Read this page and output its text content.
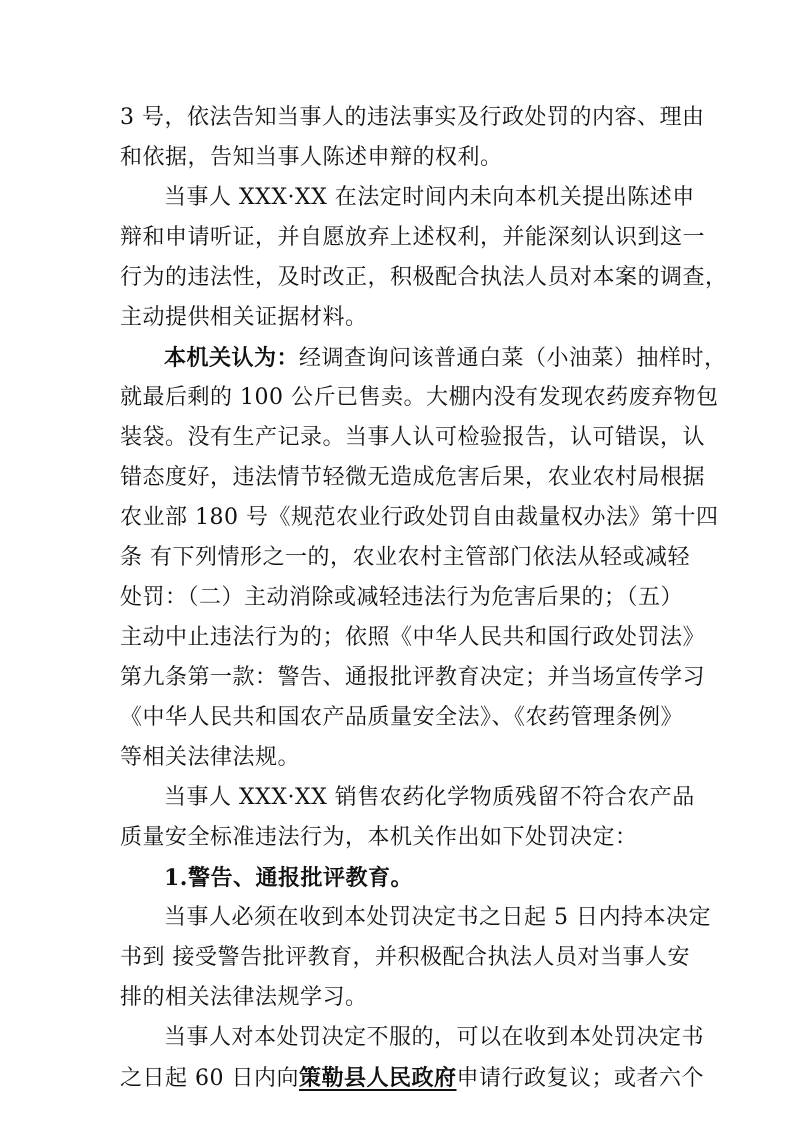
3 号，依法告知当事人的违法事实及行政处罚的内容、理由
和依据，告知当事人陈述申辩的权利。
当事人 XXX·XX 在法定时间内未向本机关提出陈述申
辩和申请听证，并自愿放弃上述权利，并能深刻认识到这一
行为的违法性，及时改正，积极配合执法人员对本案的调查，
主动提供相关证据材料。
本机关认为：经调查询问该普通白菜（小油菜）抽样时，
就最后剩的 100 公斤已售卖。大棚内没有发现农药废弃物包
装袋。没有生产记录。当事人认可检验报告，认可错误，认
错态度好，违法情节轻微无造成危害后果，农业农村局根据
农业部 180 号《规范农业行政处罚自由裁量权办法》第十四
条 有下列情形之一的，农业农村主管部门依法从轻或减轻
处罚：（二）主动消除或减轻违法行为危害后果的；（五）
主动中止违法行为的；依照《中华人民共和国行政处罚法》
第九条第一款：警告、通报批评教育决定；并当场宣传学习
《中华人民共和国农产品质量安全法》、《农药管理条例》
等相关法律法规。
当事人 XXX·XX 销售农药化学物质残留不符合农产品
质量安全标准违法行为，本机关作出如下处罚决定：
1.警告、通报批评教育。
当事人必须在收到本处罚决定书之日起 5 日内持本决定
书到 接受警告批评教育，并积极配合执法人员对当事人安
排的相关法律法规学习。
当事人对本处罚决定不服的，可以在收到本处罚决定书
之日起 60 日内向策勒县人民政府申请行政复议；或者六个
